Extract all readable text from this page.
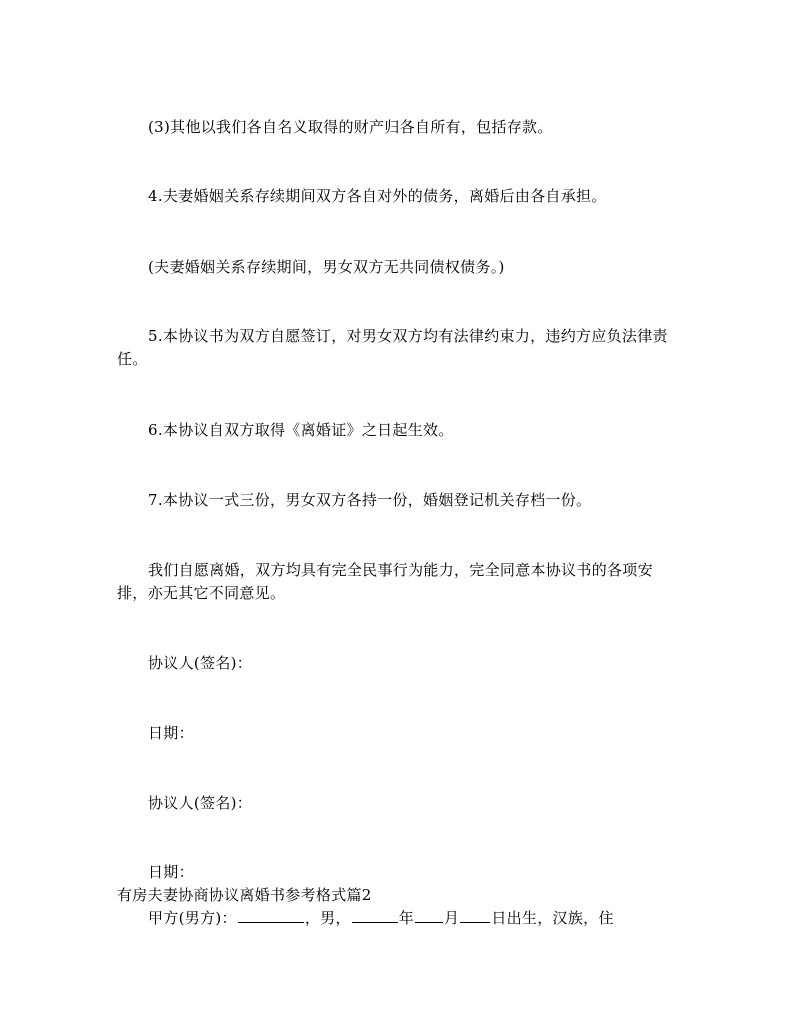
(3)其他以我们各自名义取得的财产归各自所有，包括存款。

4.夫妻婚姻关系存续期间双方各自对外的债务，离婚后由各自承担。

(夫妻婚姻关系存续期间，男女双方无共同债权债务。)

5.本协议书为双方自愿签订，对男女双方均有法律约束力，违约方应负法律责任。

6.本协议自双方取得《离婚证》之日起生效。

7.本协议一式三份，男女双方各持一份，婚姻登记机关存档一份。

我们自愿离婚，双方均具有完全民事行为能力，完全同意本协议书的各项安排，亦无其它不同意见。

协议人(签名)：

日期：

协议人(签名)：

日期：

有房夫妻协商协议离婚书参考格式篇2

甲方(男方)：	，男，	年 月 日出生，汉族，住
